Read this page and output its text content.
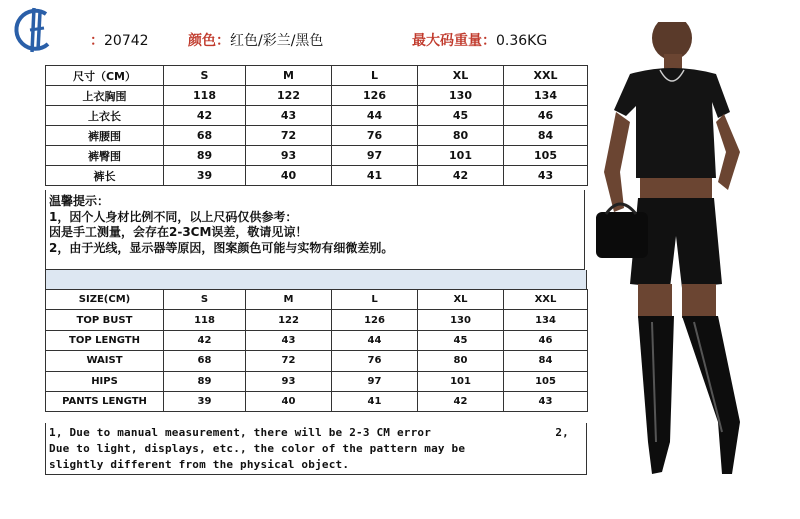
：20742	颜色：红色/彩兰/黑色	最大码重量：0.36KG
尺寸（CM）	S	M	L	XL	XXL
上衣胸围	118	122	126	130	134
上衣长	42	43	44	45	46
裤腰围	68	72	76	80	84
裤臀围	89	93	97	101	105
裤长	39	40	41	42	43
温馨提示：
1，因个人身材比例不同，以上尺码仅供参考：
因是手工测量，会存在2-3CM误差，敬请见谅！
2，由于光线，显示器等原因，图案颜色可能与实物有细微差别。
SIZE(CM)	S	M	L	XL	XXL
TOP BUST	118	122	126	130	134
TOP LENGTH	42	43	44	45	46
WAIST	68	72	76	80	84
HIPS	89	93	97	101	105
PANTS LENGTH	39	40	41	42	43
2,
1, Due to manual measurement, there will be 2-3 CM error
Due to light, displays, etc., the color of the pattern may be
slightly different from the physical object.
